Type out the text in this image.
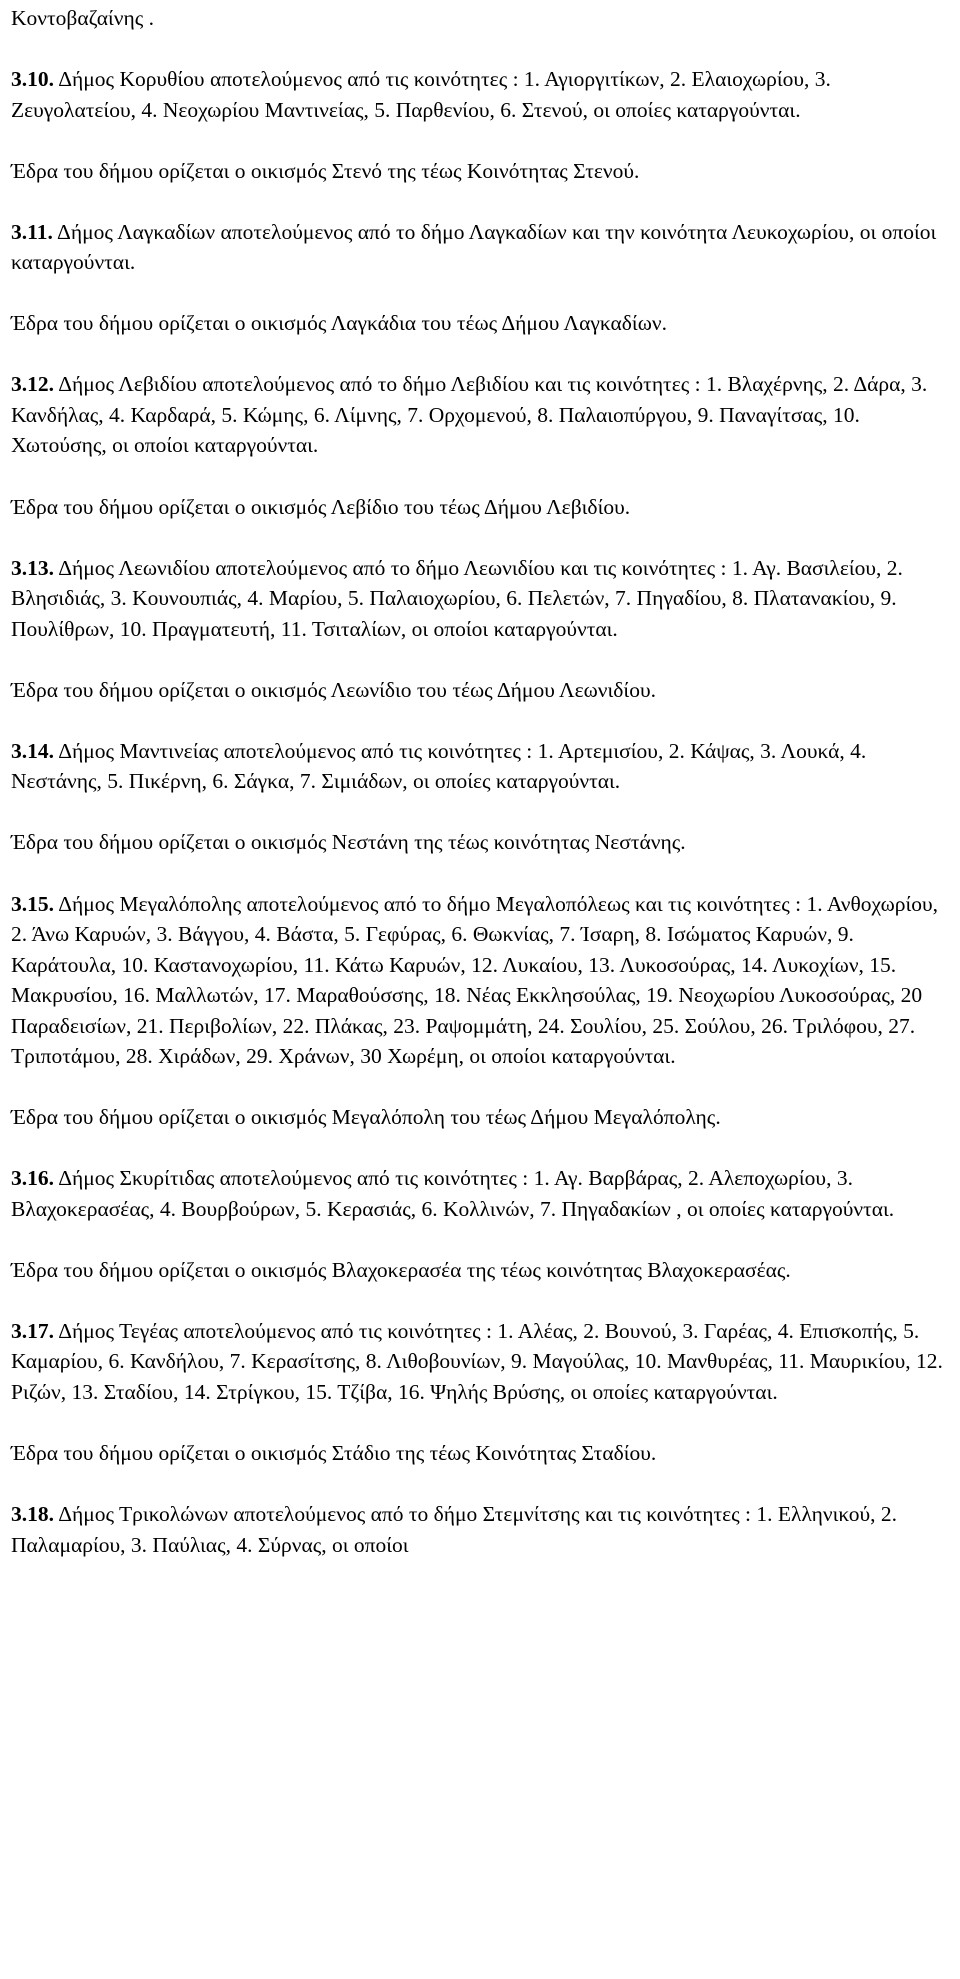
Κοντοβαζαίνης .

3.10. Δήμος Κορυθίου αποτελούμενος από τις κοινότητες : 1. Αγιοργιτίκων, 2. Ελαιοχωρίου, 3. Ζευγολατείου, 4. Νεοχωρίου Μαντινείας, 5. Παρθενίου, 6. Στενού, οι οποίες καταργούνται.

Έδρα του δήμου ορίζεται ο οικισμός Στενό της τέως Κοινότητας Στενού.

3.11. Δήμος Λαγκαδίων αποτελούμενος από το δήμο Λαγκαδίων και την κοινότητα Λευκοχωρίου, οι οποίοι καταργούνται.

Έδρα του δήμου ορίζεται ο οικισμός Λαγκάδια του τέως Δήμου Λαγκαδίων.

3.12. Δήμος Λεβιδίου αποτελούμενος από το δήμο Λεβιδίου και τις κοινότητες : 1. Βλαχέρνης, 2. Δάρα, 3. Κανδήλας, 4. Καρδαρά, 5. Κώμης, 6. Λίμνης, 7. Ορχομενού, 8. Παλαιοπύργου, 9. Παναγίτσας, 10. Χωτούσης, οι οποίοι καταργούνται.

Έδρα του δήμου ορίζεται ο οικισμός Λεβίδιο του τέως Δήμου Λεβιδίου.

3.13. Δήμος Λεωνιδίου αποτελούμενος από το δήμο Λεωνιδίου και τις κοινότητες : 1. Αγ. Βασιλείου, 2. Βλησιδιάς, 3. Κουνουπιάς, 4. Μαρίου, 5. Παλαιοχωρίου, 6. Πελετών, 7. Πηγαδίου, 8. Πλατανακίου, 9. Πουλίθρων, 10. Πραγματευτή, 11. Τσιταλίων, οι οποίοι καταργούνται.

Έδρα του δήμου ορίζεται ο οικισμός Λεωνίδιο του τέως Δήμου Λεωνιδίου.

3.14. Δήμος Μαντινείας αποτελούμενος από τις κοινότητες : 1. Αρτεμισίου, 2. Κάψας, 3. Λουκά, 4. Νεστάνης, 5. Πικέρνη, 6. Σάγκα, 7. Σιμιάδων, οι οποίες καταργούνται.

Έδρα του δήμου ορίζεται ο οικισμός Νεστάνη της τέως κοινότητας Νεστάνης.

3.15. Δήμος Μεγαλόπολης αποτελούμενος από το δήμο Μεγαλοπόλεως και τις κοινότητες : 1. Ανθοχωρίου, 2. Άνω Καρυών, 3. Βάγγου, 4. Βάστα, 5. Γεφύρας, 6. Θωκνίας, 7. Ίσαρη, 8. Ισώματος Καρυών, 9. Καράτουλα, 10. Καστανοχωρίου, 11. Κάτω Καρυών, 12. Λυκαίου, 13. Λυκοσούρας, 14. Λυκοχίων, 15. Μακρυσίου, 16. Μαλλωτών, 17. Μαραθούσσης, 18. Νέας Εκκλησούλας, 19. Νεοχωρίου Λυκοσούρας, 20 Παραδεισίων, 21. Περιβολίων, 22. Πλάκας, 23. Ραψομμάτη, 24. Σουλίου, 25. Σούλου, 26. Τριλόφου, 27. Τριποτάμου, 28. Χιράδων, 29. Χράνων, 30 Χωρέμη, οι οποίοι καταργούνται.

Έδρα του δήμου ορίζεται ο οικισμός Μεγαλόπολη του τέως Δήμου Μεγαλόπολης.

3.16. Δήμος Σκυρίτιδας αποτελούμενος από τις κοινότητες : 1. Αγ. Βαρβάρας, 2. Αλεποχωρίου, 3. Βλαχοκερασέας, 4. Βουρβούρων, 5. Κερασιάς, 6. Κολλινών, 7. Πηγαδακίων , οι οποίες καταργούνται.

Έδρα του δήμου ορίζεται ο οικισμός Βλαχοκερασέα της τέως κοινότητας Βλαχοκερασέας.

3.17. Δήμος Τεγέας αποτελούμενος από τις κοινότητες : 1. Αλέας, 2. Βουνού, 3. Γαρέας, 4. Επισκοπής, 5. Καμαρίου, 6. Κανδήλου, 7. Κερασίτσης, 8. Λιθοβουνίων, 9. Μαγούλας, 10. Μανθυρέας, 11. Μαυρικίου, 12. Ριζών, 13. Σταδίου, 14. Στρίγκου, 15. Τζίβα, 16. Ψηλής Βρύσης, οι οποίες καταργούνται.

Έδρα του δήμου ορίζεται ο οικισμός Στάδιο της τέως Κοινότητας Σταδίου.

3.18. Δήμος Τρικολώνων αποτελούμενος από το δήμο Στεμνίτσης και τις κοινότητες : 1. Ελληνικού, 2. Παλαμαρίου, 3. Παύλιας, 4. Σύρνας, οι οποίοι
